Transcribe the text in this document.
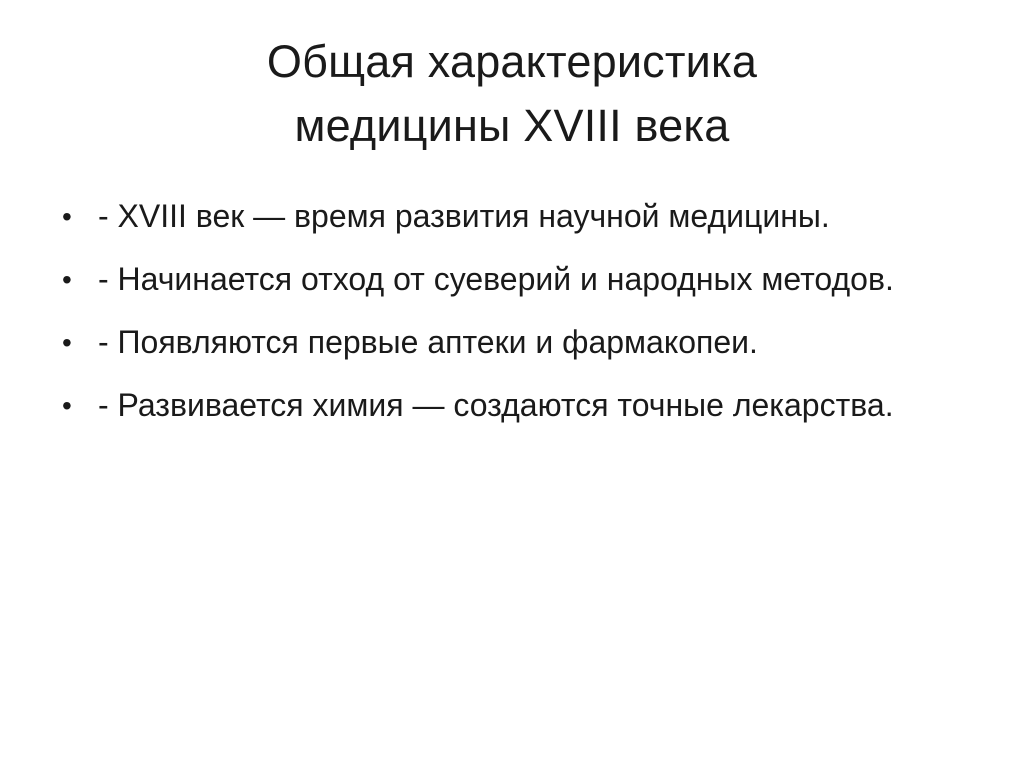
Общая характеристика
медицины XVIII века
• - XVIII век — время развития научной медицины.
• - Начинается отход от суеверий и народных методов.
• - Появляются первые аптеки и фармакопеи.
• - Развивается химия — создаются точные лекарства.
